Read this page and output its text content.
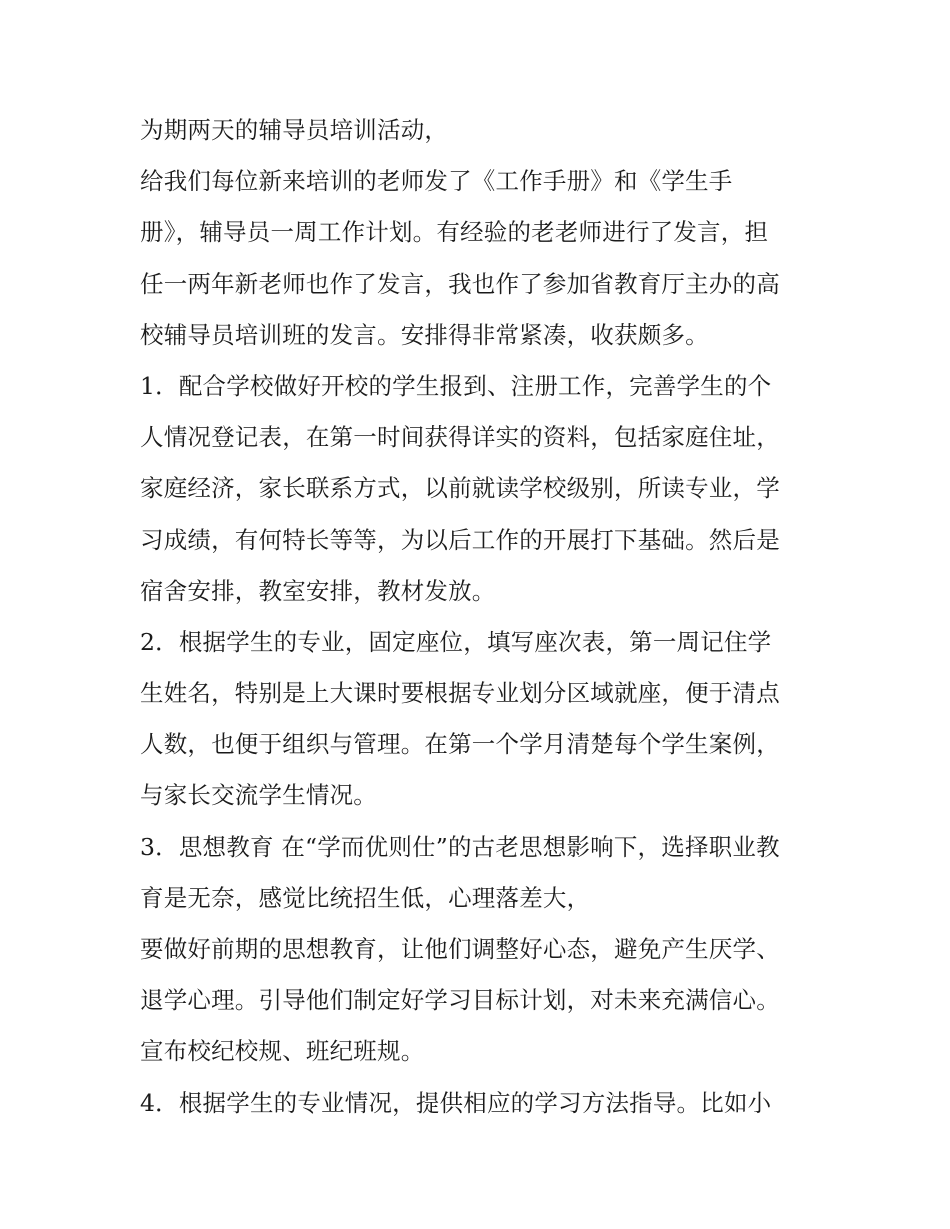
为期两天的辅导员培训活动，
给我们每位新来培训的老师发了《工作手册》和《学生手
册》，辅导员一周工作计划。有经验的老老师进行了发言，担
任一两年新老师也作了发言，我也作了参加省教育厅主办的高
校辅导员培训班的发言。安排得非常紧凑，收获颇多。
1．配合学校做好开校的学生报到、注册工作，完善学生的个
人情况登记表，在第一时间获得详实的资料，包括家庭住址，
家庭经济，家长联系方式，以前就读学校级别，所读专业，学
习成绩，有何特长等等，为以后工作的开展打下基础。然后是
宿舍安排，教室安排，教材发放。
2．根据学生的专业，固定座位，填写座次表，第一周记住学
生姓名，特别是上大课时要根据专业划分区域就座，便于清点
人数，也便于组织与管理。在第一个学月清楚每个学生案例，
与家长交流学生情况。
3．思想教育 在“学而优则仕”的古老思想影响下，选择职业教
育是无奈，感觉比统招生低，心理落差大，
要做好前期的思想教育，让他们调整好心态，避免产生厌学、
退学心理。引导他们制定好学习目标计划，对未来充满信心。
宣布校纪校规、班纪班规。
4．根据学生的专业情况，提供相应的学习方法指导。比如小
